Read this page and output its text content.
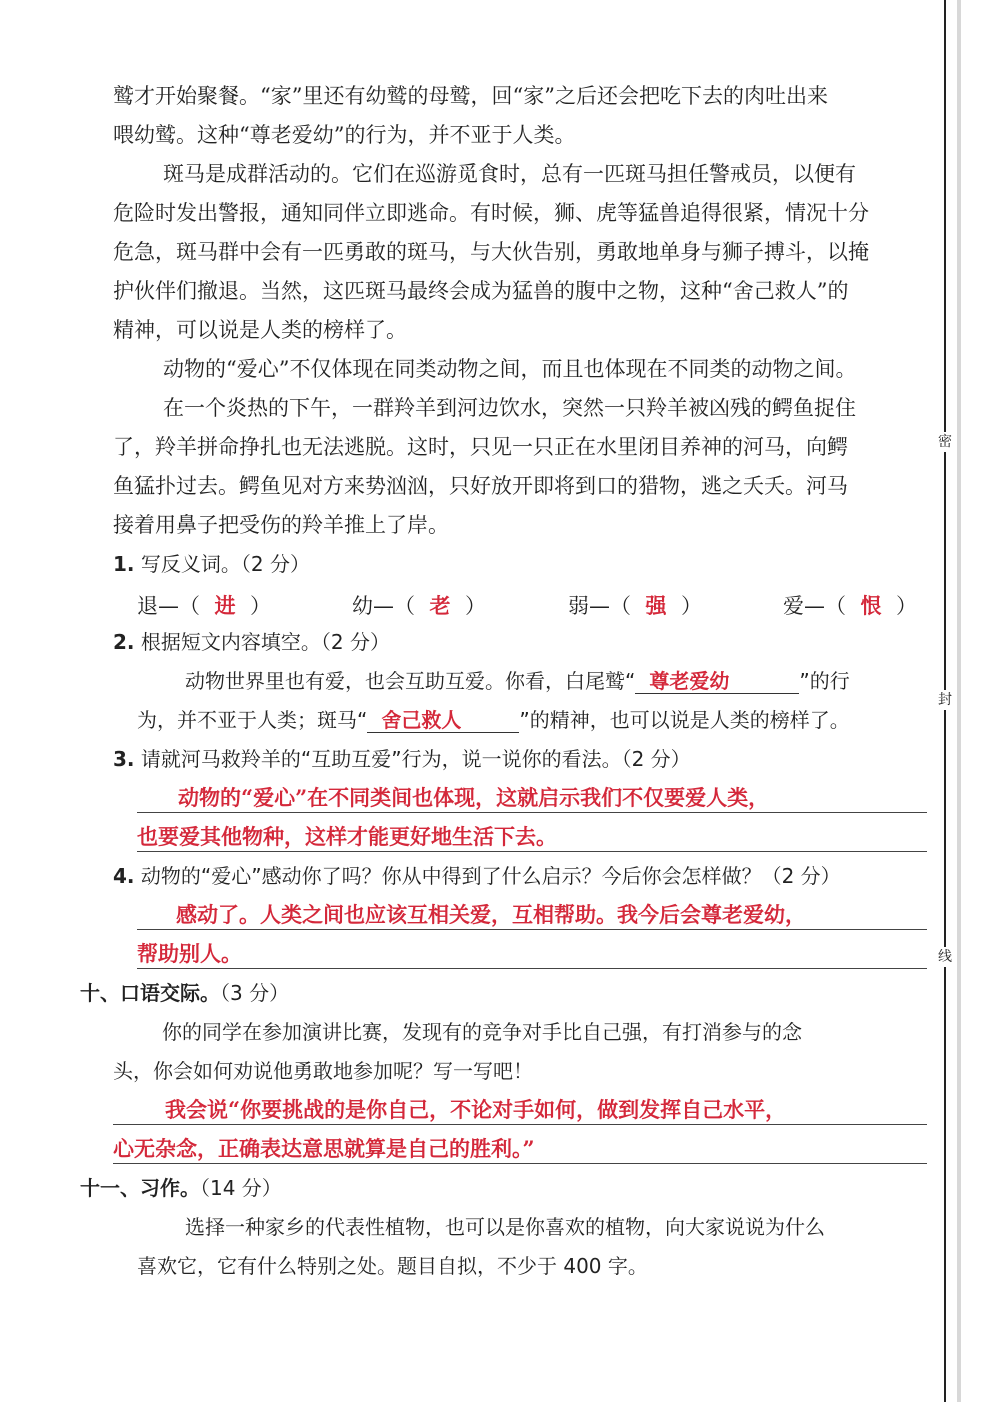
鹫才开始聚餐。“家”里还有幼鹫的母鹫，回“家”之后还会把吃下去的肉吐出来
喂幼鹫。这种“尊老爱幼”的行为，并不亚于人类。
斑马是成群活动的。它们在巡游觅食时，总有一匹斑马担任警戒员，以便有
危险时发出警报，通知同伴立即逃命。有时候，狮、虎等猛兽追得很紧，情况十分
危急，斑马群中会有一匹勇敢的斑马，与大伙告别，勇敢地单身与狮子搏斗，以掩
护伙伴们撤退。当然，这匹斑马最终会成为猛兽的腹中之物，这种“舍己救人”的
精神，可以说是人类的榜样了。
动物的“爱心”不仅体现在同类动物之间，而且也体现在不同类的动物之间。
在一个炎热的下午，一群羚羊到河边饮水，突然一只羚羊被凶残的鳄鱼捉住
了，羚羊拼命挣扎也无法逃脱。这时，只见一只正在水里闭目养神的河马，向鳄
鱼猛扑过去。鳄鱼见对方来势汹汹，只好放开即将到口的猎物，逃之夭夭。河马
接着用鼻子把受伤的羚羊推上了岸。
1. 写反义词。（2 分）
退—（ 进 ）	幼—（ 老 ）	弱—（ 强 ）	爱—（ 恨 ）
2. 根据短文内容填空。（2 分）
动物世界里也有爱，也会互助互爱。你看，白尾鹫“ 尊老爱幼	”的行
为，并不亚于人类；斑马“ 舍己救人	”的精神，也可以说是人类的榜样了。
3. 请就河马救羚羊的“互助互爱”行为，说一说你的看法。（2 分）
动物的“爱心”在不同类间也体现，这就启示我们不仅要爱人类，
也要爱其他物种，这样才能更好地生活下去。
4. 动物的“爱心”感动你了吗？你从中得到了什么启示？今后你会怎样做？（2 分）
感动了。人类之间也应该互相关爱，互相帮助。我今后会尊老爱幼，
帮助别人。
十、口语交际。（3 分）
你的同学在参加演讲比赛，发现有的竞争对手比自己强，有打消参与的念
头，你会如何劝说他勇敢地参加呢？写一写吧！
我会说“你要挑战的是你自己，不论对手如何，做到发挥自己水平，
心无杂念，正确表达意思就算是自己的胜利。”
十一、习作。（14 分）
选择一种家乡的代表性植物，也可以是你喜欢的植物，向大家说说为什么
喜欢它，它有什么特别之处。题目自拟，不少于 400 字。
密
封
线
